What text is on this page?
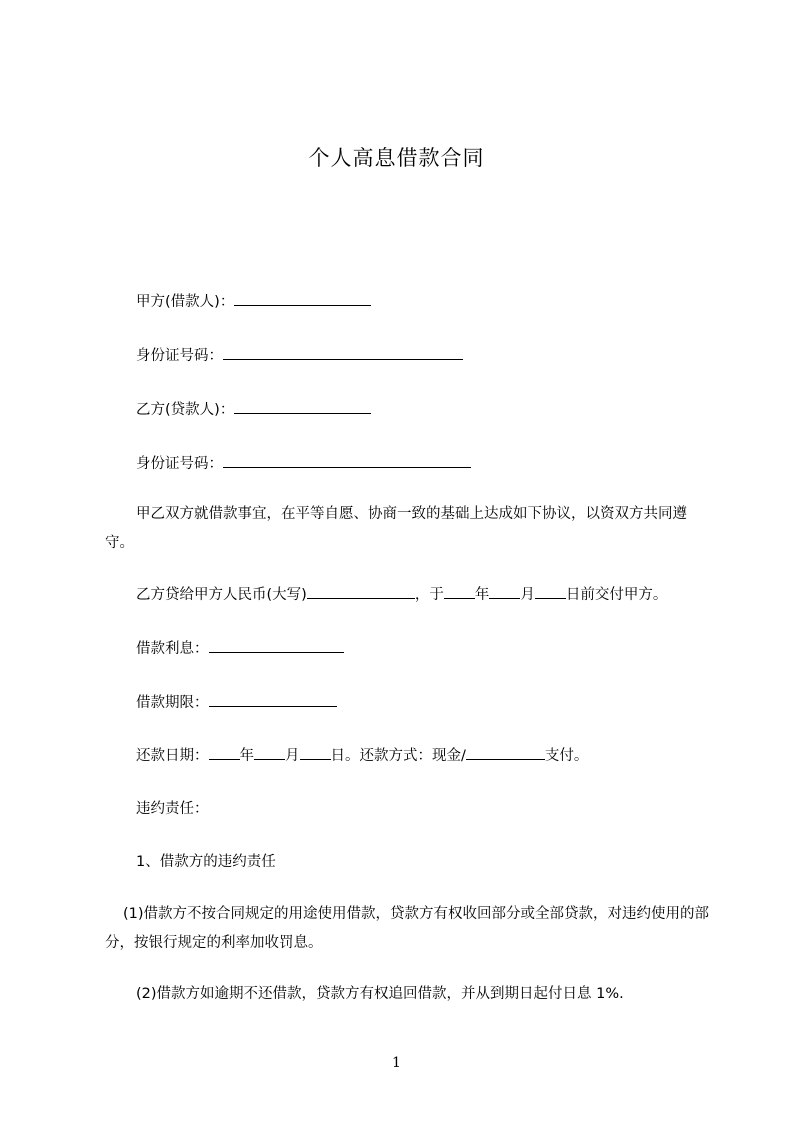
个人高息借款合同
甲方(借款人)：
身份证号码：
乙方(贷款人)：
身份证号码：
甲乙双方就借款事宜，在平等自愿、协商一致的基础上达成如下协议，以资双方共同遵守。
乙方贷给甲方人民币(大写)	，于 年 月 日前交付甲方。
借款利息：
借款期限：
还款日期： 年 月 日。还款方式：现金/	支付。
违约责任：
1、借款方的违约责任
(1)借款方不按合同规定的用途使用借款，贷款方有权收回部分或全部贷款，对违约使用的部分，按银行规定的利率加收罚息。
(2)借款方如逾期不还借款，贷款方有权追回借款，并从到期日起付日息 1%.
1
